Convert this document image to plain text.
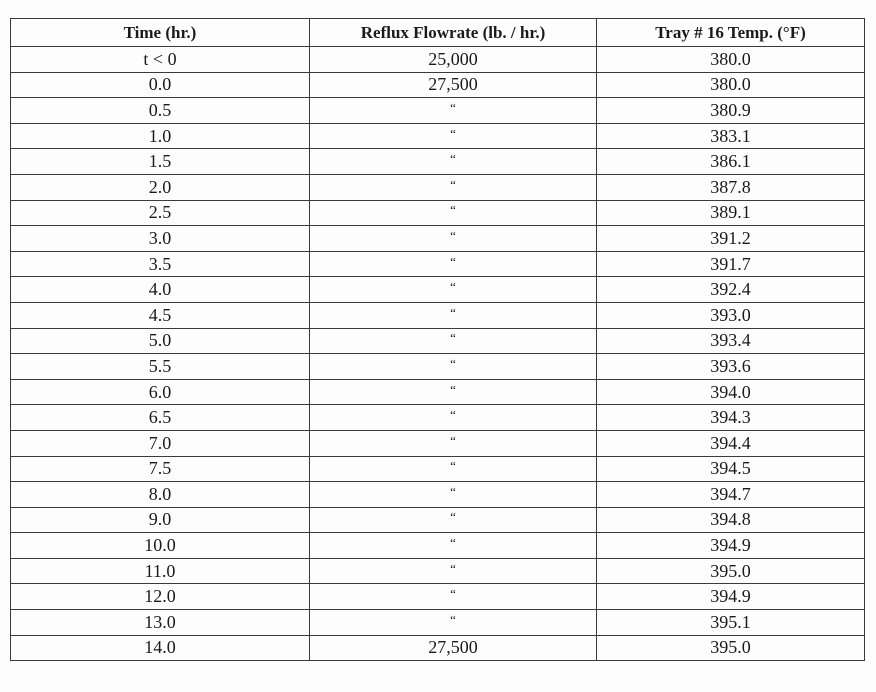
Time (hr.)	Reflux Flowrate (lb. / hr.)	Tray # 16 Temp. (°F)
t < 0	25,000	380.0
0.0	27,500	380.0
0.5	“	380.9
1.0	“	383.1
1.5	“	386.1
2.0	“	387.8
2.5	“	389.1
3.0	“	391.2
3.5	“	391.7
4.0	“	392.4
4.5	“	393.0
5.0	“	393.4
5.5	“	393.6
6.0	“	394.0
6.5	“	394.3
7.0	“	394.4
7.5	“	394.5
8.0	“	394.7
9.0	“	394.8
10.0	“	394.9
11.0	“	395.0
12.0	“	394.9
13.0	“	395.1
14.0	27,500	395.0
